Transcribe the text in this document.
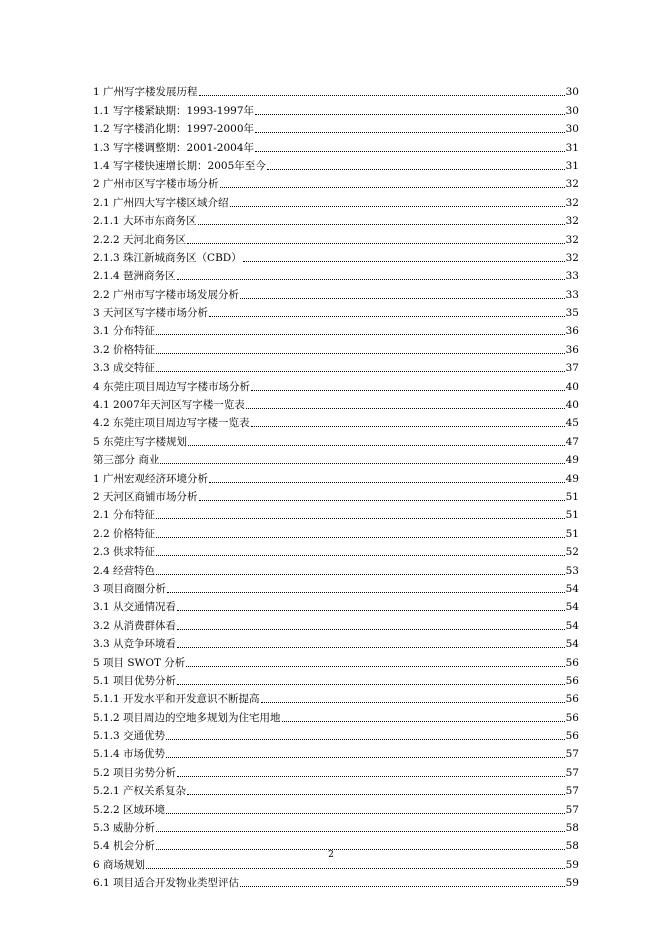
1 广州写字楼发展历程	30
1.1 写字楼紧缺期：1993-1997年	30
1.2 写字楼消化期：1997-2000年	30
1.3 写字楼调整期：2001-2004年	31
1.4 写字楼快速增长期：2005年至今	31
2 广州市区写字楼市场分析	32
2.1 广州四大写字楼区域介绍	32
2.1.1 大环市东商务区	32
2.2.2 天河北商务区	32
2.1.3 珠江新城商务区（CBD）	32
2.1.4 琶洲商务区	33
2.2 广州市写字楼市场发展分析	33
3 天河区写字楼市场分析	35
3.1 分布特征	36
3.2 价格特征	36
3.3 成交特征	37
4 东莞庄项目周边写字楼市场分析	40
4.1 2007年天河区写字楼一览表	40
4.2 东莞庄项目周边写字楼一览表	45
5 东莞庄写字楼规划	47
第三部分 商业	49
1 广州宏观经济环境分析	49
2 天河区商铺市场分析	51
2.1 分布特征	51
2.2 价格特征	51
2.3 供求特征	52
2.4 经营特色	53
3 项目商圈分析	54
3.1 从交通情况看	54
3.2 从消费群体看	54
3.3 从竞争环境看	54
5 项目 SWOT 分析	56
5.1 项目优势分析	56
5.1.1 开发水平和开发意识不断提高	56
5.1.2 项目周边的空地多规划为住宅用地	56
5.1.3 交通优势	56
5.1.4 市场优势	57
5.2 项目劣势分析	57
5.2.1 产权关系复杂	57
5.2.2 区域环境	57
5.3 威胁分析	58
5.4 机会分析	58
6 商场规划	59
6.1 项目适合开发物业类型评估	59
2
